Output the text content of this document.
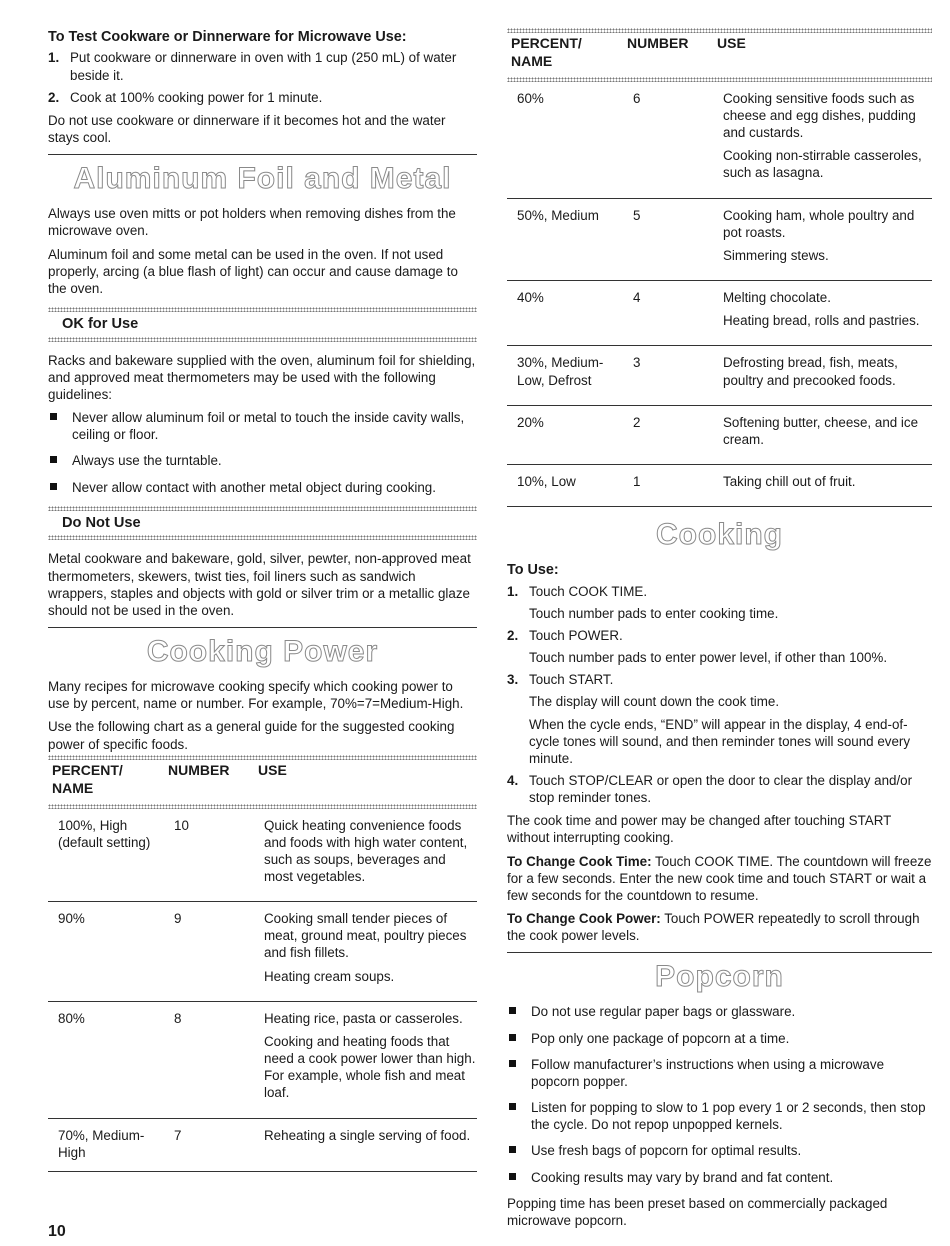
To Test Cookware or Dinnerware for Microwave Use:
1. Put cookware or dinnerware in oven with 1 cup (250 mL) of water beside it.
2. Cook at 100% cooking power for 1 minute.

Do not use cookware or dinnerware if it becomes hot and the water stays cool.

Aluminum Foil and Metal

Always use oven mitts or pot holders when removing dishes from the microwave oven.

Aluminum foil and some metal can be used in the oven. If not used properly, arcing (a blue flash of light) can occur and cause damage to the oven.

OK for Use

Racks and bakeware supplied with the oven, aluminum foil for shielding, and approved meat thermometers may be used with the following guidelines:

Never allow aluminum foil or metal to touch the inside cavity walls, ceiling or floor.
Always use the turntable.
Never allow contact with another metal object during cooking.
Do Not Use

Metal cookware and bakeware, gold, silver, pewter, non-approved meat thermometers, skewers, twist ties, foil liners such as sandwich wrappers, staples and objects with gold or silver trim or a metallic glaze should not be used in the oven.

Cooking Power

Many recipes for microwave cooking specify which cooking power to use by percent, name or number. For example, 70%=7=Medium-High.

Use the following chart as a general guide for the suggested cooking power of specific foods.

PERCENT/ NAME	NUMBER	USE

100%, High (default setting)	10	Quick heating convenience foods and foods with high water content, such as soups, beverages and most vegetables.

90%	9	Cooking small tender pieces of meat, ground meat, poultry pieces and fish fillets.

Heating cream soups.

80%	8	Heating rice, pasta or casseroles.

Cooking and heating foods that need a cook power lower than high. For example, whole fish and meat loaf.

70%, Medium-High	7	Reheating a single serving of food.

PERCENT/ NAME	NUMBER	USE

60%	6	Cooking sensitive foods such as cheese and egg dishes, pudding and custards.

Cooking non-stirrable casseroles, such as lasagna.

50%, Medium	5	Cooking ham, whole poultry and pot roasts.

Simmering stews.

40%	4	Melting chocolate.

Heating bread, rolls and pastries.

30%, Medium-Low, Defrost	3	Defrosting bread, fish, meats, poultry and precooked foods.

20%	2	Softening butter, cheese, and ice cream.

10%, Low	1	Taking chill out of fruit.

Cooking
To Use:
1. Touch COOK TIME.

Touch number pads to enter cooking time.

2. Touch POWER.

Touch number pads to enter power level, if other than 100%.

3. Touch START.

The display will count down the cook time.

When the cycle ends, “END” will appear in the display, 4 end-of-cycle tones will sound, and then reminder tones will sound every minute.

4. Touch STOP/CLEAR or open the door to clear the display and/or stop reminder tones.

The cook time and power may be changed after touching START without interrupting cooking.

To Change Cook Time: Touch COOK TIME. The countdown will freeze for a few seconds. Enter the new cook time and touch START or wait a few seconds for the countdown to resume.

To Change Cook Power: Touch POWER repeatedly to scroll through the cook power levels.

Popcorn
Do not use regular paper bags or glassware.
Pop only one package of popcorn at a time.
Follow manufacturer’s instructions when using a microwave popcorn popper.
Listen for popping to slow to 1 pop every 1 or 2 seconds, then stop the cycle. Do not repop unpopped kernels.
Use fresh bags of popcorn for optimal results.
Cooking results may vary by brand and fat content.

Popping time has been preset based on commercially packaged microwave popcorn.

10
